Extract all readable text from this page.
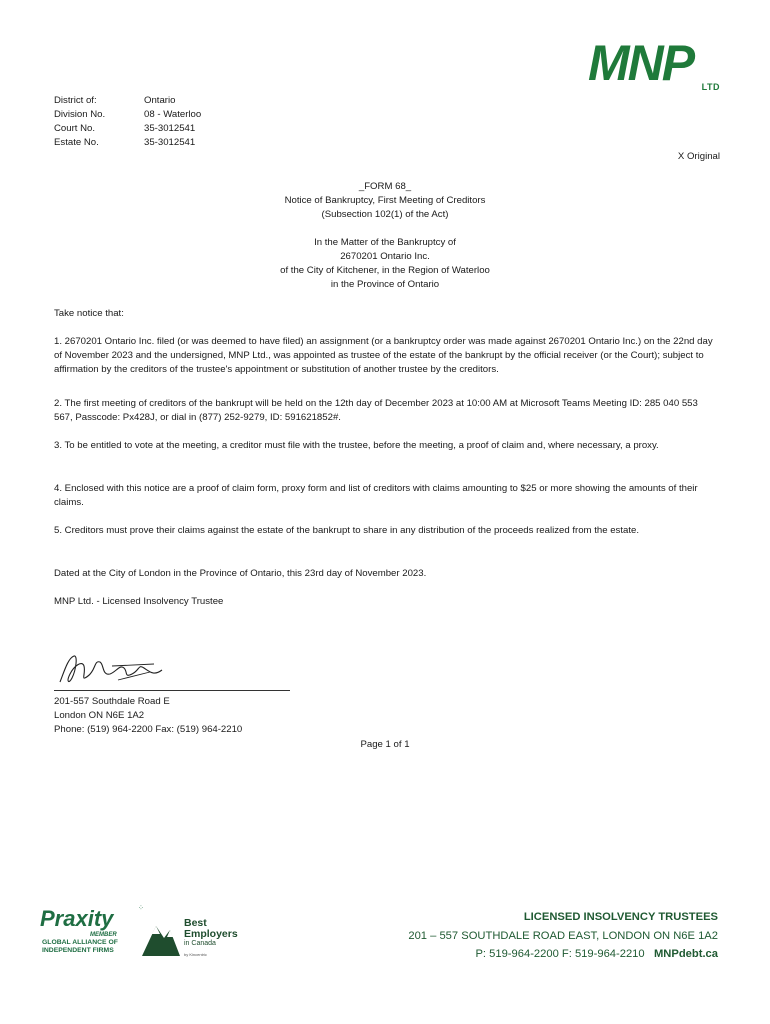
MNP LTD
District of:	Ontario
Division No.	08 - Waterloo
Court No.	35-3012541
Estate No.	35-3012541
X Original
_FORM 68_
Notice of Bankruptcy, First Meeting of Creditors
(Subsection 102(1) of the Act)
In the Matter of the Bankruptcy of
2670201 Ontario Inc.
of the City of Kitchener, in the Region of Waterloo
in the Province of Ontario
Take notice that:
1. 2670201 Ontario Inc. filed (or was deemed to have filed) an assignment (or a bankruptcy order was made against 2670201 Ontario Inc.) on the 22nd day of November 2023 and the undersigned, MNP Ltd., was appointed as trustee of the estate of the bankrupt by the official receiver (or the Court); subject to affirmation by the creditors of the trustee's appointment or substitution of another trustee by the creditors.
2. The first meeting of creditors of the bankrupt will be held on the 12th day of December 2023 at 10:00 AM at Microsoft Teams Meeting ID: 285 040 553 567, Passcode: Px428J, or dial in (877) 252-9279, ID: 591621852#.
3. To be entitled to vote at the meeting, a creditor must file with the trustee, before the meeting, a proof of claim and, where necessary, a proxy.
4. Enclosed with this notice are a proof of claim form, proxy form and list of creditors with claims amounting to $25 or more showing the amounts of their claims.
5. Creditors must prove their claims against the estate of the bankrupt to share in any distribution of the proceeds realized from the estate.
Dated at the City of London in the Province of Ontario, this 23rd day of November 2023.
MNP Ltd. - Licensed Insolvency Trustee
201-557 Southdale Road E
London ON N6E 1A2
Phone: (519) 964-2200 Fax: (519) 964-2210
Page 1 of 1
Praxity	⁘
MEMBER
GLOBAL ALLIANCE OF
INDEPENDENT FIRMS
Best
Employers
in Canada
by Kincentric
LICENSED INSOLVENCY TRUSTEES
201 – 557 SOUTHDALE ROAD EAST, LONDON ON N6E 1A2
P: 519-964-2200 F: 519-964-2210 MNPdebt.ca
